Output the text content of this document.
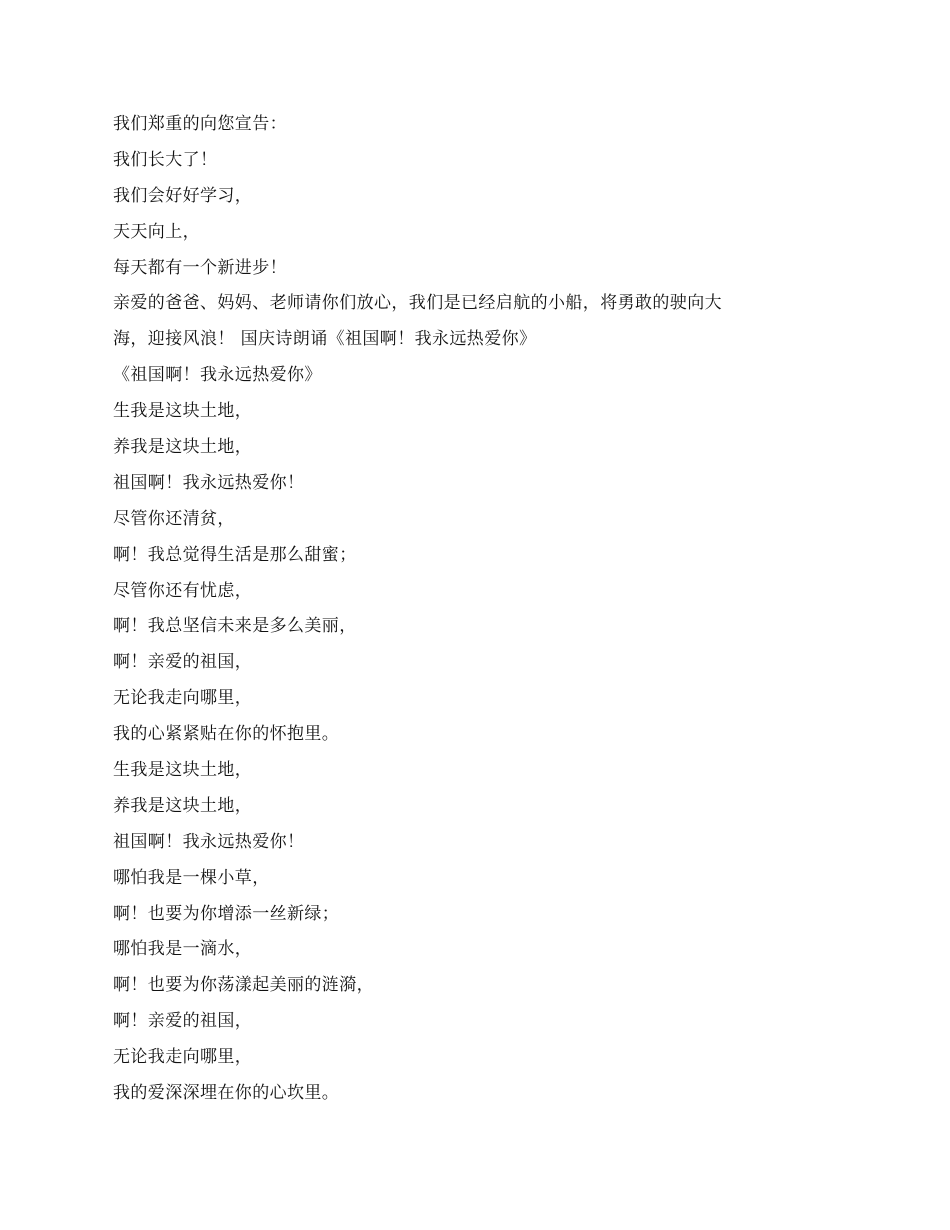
我们郑重的向您宣告：
我们长大了！
我们会好好学习，
天天向上，
每天都有一个新进步！
亲爱的爸爸、妈妈、老师请你们放心，我们是已经启航的小船，将勇敢的驶向大
海，迎接风浪！ 国庆诗朗诵《祖国啊！我永远热爱你》
《祖国啊！我永远热爱你》
生我是这块土地，
养我是这块土地，
祖国啊！我永远热爱你！
尽管你还清贫，
啊！我总觉得生活是那么甜蜜；
尽管你还有忧虑，
啊！我总坚信未来是多么美丽，
啊！亲爱的祖国，
无论我走向哪里，
我的心紧紧贴在你的怀抱里。
生我是这块土地，
养我是这块土地，
祖国啊！我永远热爱你！
哪怕我是一棵小草，
啊！也要为你增添一丝新绿；
哪怕我是一滴水，
啊！也要为你荡漾起美丽的涟漪，
啊！亲爱的祖国，
无论我走向哪里，
我的爱深深埋在你的心坎里。
